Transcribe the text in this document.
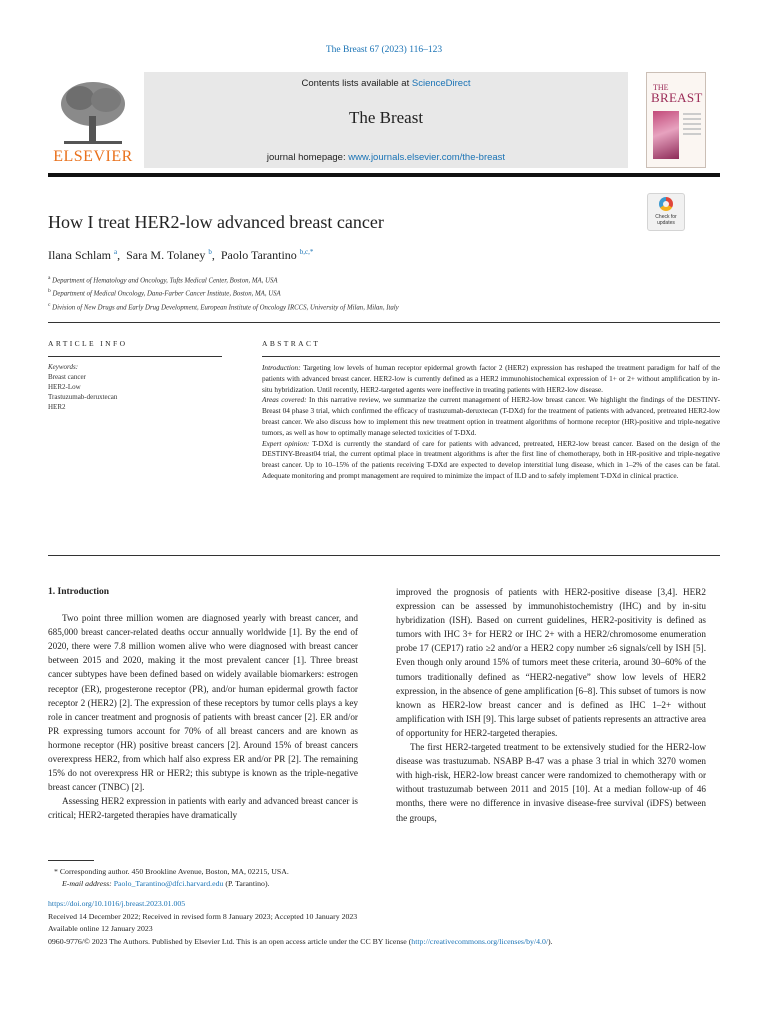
The Breast 67 (2023) 116–123
ELSEVIER
Contents lists available at ScienceDirect
The Breast
journal homepage: www.journals.elsevier.com/the-breast
THE
BREAST
How I treat HER2-low advanced breast cancer	Check for updates
Ilana Schlam $^a$,  Sara M. Tolaney $^b$,  Paolo Tarantino $^{b,c,*}$
$^a$ Department of Hematology and Oncology, Tufts Medical Center, Boston, MA, USA
$^b$ Department of Medical Oncology, Dana-Farber Cancer Institute, Boston, MA, USA
$^c$ Division of New Drugs and Early Drug Development, European Institute of Oncology IRCCS, University of Milan, Milan, Italy
ARTICLE INFO	ABSTRACT
Keywords:
Breast cancer
HER2-Low
Trastuzumab-deruxtecan
HER2

Introduction: Targeting low levels of human receptor epidermal growth factor 2 (HER2) expression has reshaped the treatment paradigm for half of the patients with advanced breast cancer. HER2-low is currently defined as a HER2 immunohistochemical expression of 1+ or 2+ without amplification by in-situ hybridization. Until recently, HER2-targeted agents were ineffective in treating patients with HER2-low disease.

Areas covered: In this narrative review, we summarize the current management of HER2-low breast cancer. We highlight the findings of the DESTINY-Breast 04 phase 3 trial, which confirmed the efficacy of trastuzumab-deruxtecan (T-DXd) for the treatment of patients with advanced, pretreated HER2-low breast cancer. We also discuss how to implement this new treatment option in treatment algorithms of hormone receptor (HR)-positive and triple-negative tumors, as well as how to optimally manage selected toxicities of T-DXd.

Expert opinion: T-DXd is currently the standard of care for patients with advanced, pretreated, HER2-low breast cancer. Based on the design of the DESTINY-Breast04 trial, the current optimal place in treatment algorithms is after the first line of chemotherapy, both in HR-positive and triple-negative breast cancer. Up to 10–15% of the patients receiving T-DXd are expected to develop interstitial lung disease, which in 1–2% of the cases can be fatal. Adequate monitoring and prompt management are required to minimize the impact of ILD and to safely implement T-DXd in clinical practice.

1. Introduction

Two point three million women are diagnosed yearly with breast cancer, and 685,000 breast cancer-related deaths occur annually worldwide [1]. By the end of 2020, there were 7.8 million women alive who were diagnosed with breast cancer between 2015 and 2020, making it the most prevalent cancer [1]. Three breast cancer subtypes have been defined based on widely available biomarkers: estrogen receptor (ER), progesterone receptor (PR), and/or human epidermal growth factor receptor 2 (HER2) [2]. The expression of these receptors by tumor cells plays a key role in cancer treatment and prognosis of patients with breast cancer [2]. ER and/or PR expressing tumors account for 70% of all breast cancers and are known as hormone receptor (HR) positive breast cancers [2]. Around 15% of breast cancers overexpress HER2, from which half also express ER and/or PR [2]. The remaining 15% do not overexpress HR or HER2; this subtype is known as the triple-negative breast cancer (TNBC) [2].

Assessing HER2 expression in patients with early and advanced breast cancer is critical; HER2-targeted therapies have dramatically

improved the prognosis of patients with HER2-positive disease [3,4]. HER2 expression can be assessed by immunohistochemistry (IHC) and by in-situ hybridization (ISH). Based on current guidelines, HER2-positivity is defined as tumors with IHC 3+ for HER2 or IHC 2+ with a HER2/chromosome enumeration probe 17 (CEP17) ratio ≥2 and/or a HER2 copy number ≥6 signals/cell by ISH [5]. Even though only around 15% of tumors meet these criteria, around 30–60% of the tumors traditionally defined as “HER2-negative” show low levels of HER2 expression, in the absence of gene amplification [6–8]. This subset of tumors is now known as HER2-low breast cancer and is defined as IHC 1–2+ without amplification with ISH [9]. This large subset of patients represents an attractive area of opportunity for HER2-targeted therapies.

The first HER2-targeted treatment to be extensively studied for the HER2-low disease was trastuzumab. NSABP B-47 was a phase 3 trial in which 3270 women with high-risk, HER2-low breast cancer were randomized to chemotherapy with or without trastuzumab between 2011 and 2015 [10]. At a median follow-up of 46 months, there were no difference in invasive disease-free survival (iDFS) between the groups,

* Corresponding author. 450 Brookline Avenue, Boston, MA, 02215, USA.
E-mail address: Paolo_Tarantino@dfci.harvard.edu (P. Tarantino).
https://doi.org/10.1016/j.breast.2023.01.005
Received 14 December 2022; Received in revised form 8 January 2023; Accepted 10 January 2023
Available online 12 January 2023
0960-9776/© 2023 The Authors. Published by Elsevier Ltd. This is an open access article under the CC BY license (http://creativecommons.org/licenses/by/4.0/).
